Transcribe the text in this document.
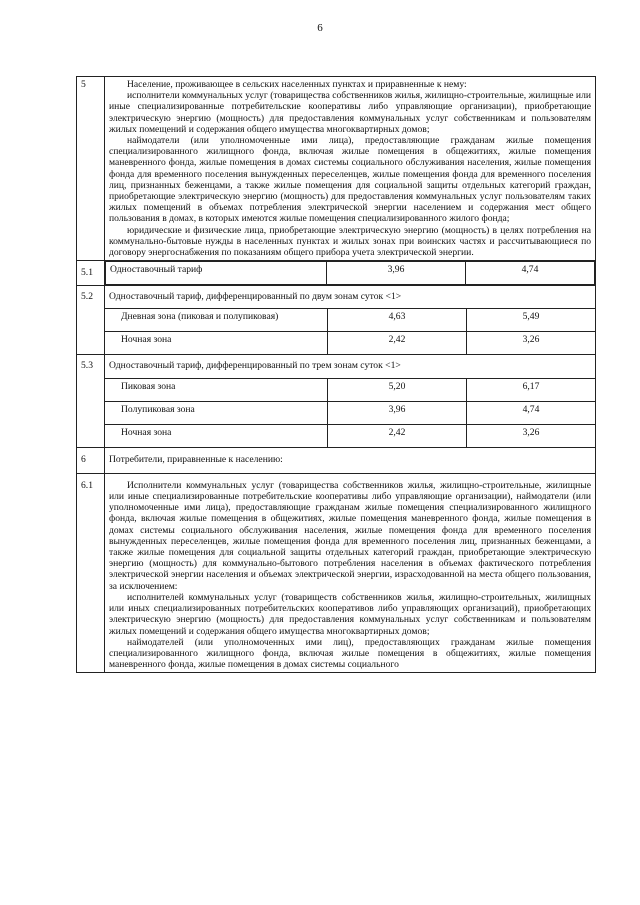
6
5	Население, проживающее в сельских населенных пунктах и приравненные к нему:

исполнители коммунальных услуг (товарищества собственников жилья, жилищно-строительные, жилищные или иные специализированные потребительские кооперативы либо управляющие организации), приобретающие электрическую энергию (мощность) для предоставления коммунальных услуг собственникам и пользователям жилых помещений и содержания общего имущества многоквартирных домов;

наймодатели (или уполномоченные ими лица), предоставляющие гражданам жилые помещения специализированного жилищного фонда, включая жилые помещения в общежитиях, жилые помещения маневренного фонда, жилые помещения в домах системы социального обслуживания населения, жилые помещения фонда для временного поселения вынужденных переселенцев, жилые помещения фонда для временного поселения лиц, признанных беженцами, а также жилые помещения для социальной защиты отдельных категорий граждан, приобретающие электрическую энергию (мощность) для предоставления коммунальных услуг пользователям таких жилых помещений в объемах потребления электрической энергии населением и содержания мест общего пользования в домах, в которых имеются жилые помещения специализированного жилого фонда;

юридические и физические лица, приобретающие электрическую энергию (мощность) в целях потребления на коммунально-бытовые нужды в населенных пунктах и жилых зонах при воинских частях и рассчитывающиеся по договору энергоснабжения по показаниям общего прибора учета электрической энергии.

5.1	Одноставочный тариф	3,96	4,74

5.2	Одноставочный тариф, дифференцированный по двум зонам суток <1>
Дневная зона (пиковая и полупиковая)	4,63	5,49
Ночная зона	2,42	3,26

5.3	Одноставочный тариф, дифференцированный по трем зонам суток <1>
Пиковая зона	5,20	6,17
Полупиковая зона	3,96	4,74
Ночная зона	2,42	3,26

6	Потребители, приравненные к населению:
6.1	Исполнители коммунальных услуг (товарищества собственников жилья, жилищно-строительные, жилищные или иные специализированные потребительские кооперативы либо управляющие организации), наймодатели (или уполномоченные ими лица), предоставляющие гражданам жилые помещения специализированного жилищного фонда, включая жилые помещения в общежитиях, жилые помещения маневренного фонда, жилые помещения в домах системы социального обслуживания населения, жилые помещения фонда для временного поселения вынужденных переселенцев, жилые помещения фонда для временного поселения лиц, признанных беженцами, а также жилые помещения для социальной защиты отдельных категорий граждан, приобретающие электрическую энергию (мощность) для коммунально-бытового потребления населения в объемах фактического потребления электрической энергии населения и объемах электрической энергии, израсходованной на места общего пользования, за исключением:

исполнителей коммунальных услуг (товариществ собственников жилья, жилищно-строительных, жилищных или иных специализированных потребительских кооперативов либо управляющих организаций), приобретающих электрическую энергию (мощность) для предоставления коммунальных услуг собственникам и пользователям жилых помещений и содержания общего имущества многоквартирных домов;

наймодателей (или уполномоченных ими лиц), предоставляющих гражданам жилые помещения специализированного жилищного фонда, включая жилые помещения в общежитиях, жилые помещения маневренного фонда, жилые помещения в домах системы социального
